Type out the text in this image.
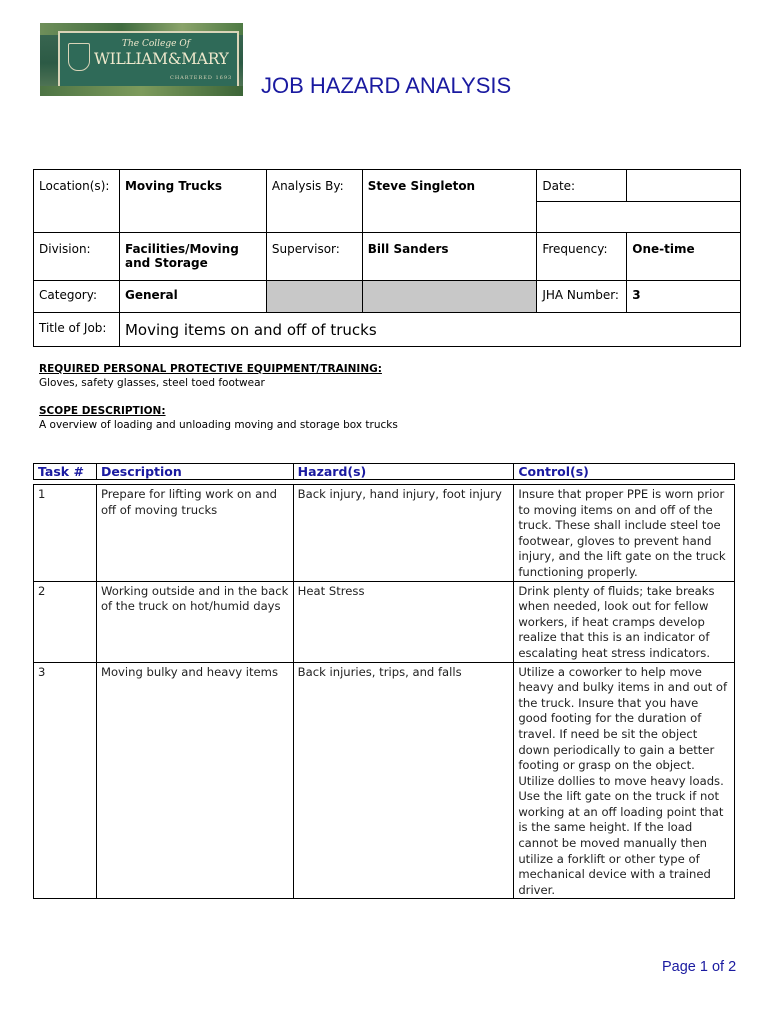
The College Of
WILLIAM&MARY
CHARTERED 1693 JOB HAZARD ANALYSIS
Location(s):	Moving Trucks	Analysis By:	Steve Singleton	Date:	

Division:	Facilities/Moving and Storage	Supervisor:	Bill Sanders	Frequency:	One-time
Category:	General			JHA Number:	3
Title of Job:	Moving items on and off of trucks				
REQUIRED PERSONAL PROTECTIVE EQUIPMENT/TRAINING:
Gloves, safety glasses, steel toed footwear
SCOPE DESCRIPTION:
A overview of loading and unloading moving and storage box trucks
Task #	Description	Hazard(s)	Control(s)

1	Prepare for lifting work on and off of moving trucks	Back injury, hand injury, foot injury	Insure that proper PPE is worn prior to moving items on and off of the truck. These shall include steel toe footwear, gloves to prevent hand injury, and the lift gate on the truck functioning properly.
2	Working outside and in the back of the truck on hot/humid days	Heat Stress	Drink plenty of fluids; take breaks when needed, look out for fellow workers, if heat cramps develop realize that this is an indicator of escalating heat stress indicators.
3	Moving bulky and heavy items	Back injuries, trips, and falls	Utilize a coworker to help move heavy and bulky items in and out of the truck. Insure that you have good footing for the duration of travel. If need be sit the object down periodically to gain a better footing or grasp on the object. Utilize dollies to move heavy loads. Use the lift gate on the truck if not working at an off loading point that is the same height. If the load cannot be moved manually then utilize a forklift or other type of mechanical device with a trained driver.
Page 1 of 2
